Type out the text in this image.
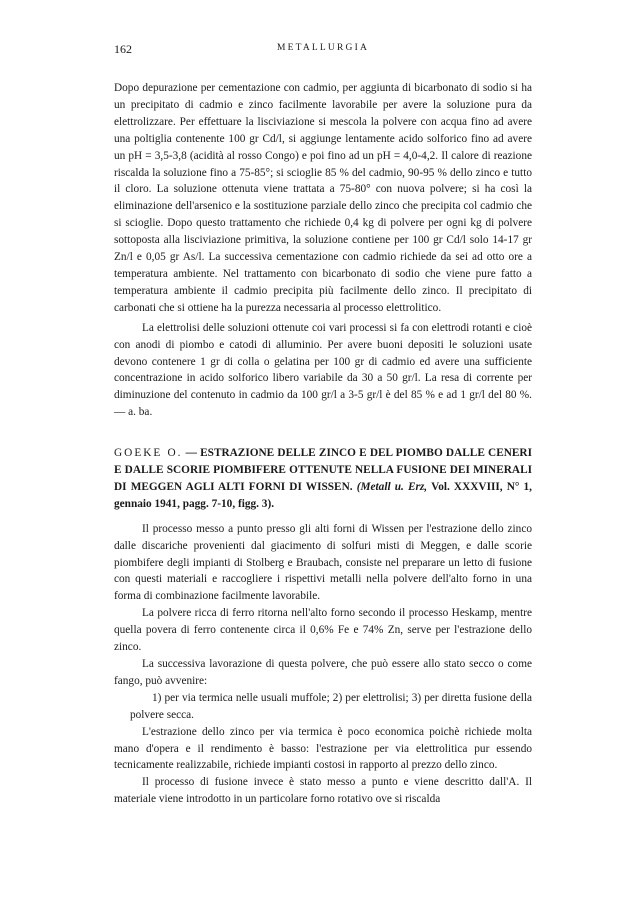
162	METALLURGIA

Dopo depurazione per cementazione con cadmio, per aggiunta di bicarbonato di sodio si ha un precipitato di cadmio e zinco facilmente lavorabile per avere la soluzione pura da elettrolizzare. Per effettuare la lisciviazione si mescola la polvere con acqua fino ad avere una poltiglia contenente 100 gr Cd/l, si aggiunge lentamente acido solforico fino ad avere un pH = 3,5-3,8 (acidità al rosso Congo) e poi fino ad un pH = 4,0-4,2. Il calore di reazione riscalda la soluzione fino a 75-85°; si scioglie 85 % del cadmio, 90-95 % dello zinco e tutto il cloro. La soluzione ottenuta viene trattata a 75-80° con nuova polvere; si ha così la eliminazione dell'arsenico e la sostituzione parziale dello zinco che precipita col cadmio che si scioglie. Dopo questo trattamento che richiede 0,4 kg di polvere per ogni kg di polvere sottoposta alla lisciviazione primitiva, la soluzione contiene per 100 gr Cd/l solo 14-17 gr Zn/l e 0,05 gr As/l. La successiva cementazione con cadmio richiede da sei ad otto ore a temperatura ambiente. Nel trattamento con bicarbonato di sodio che viene pure fatto a temperatura ambiente il cadmio precipita più facilmente dello zinco. Il precipitato di carbonati che si ottiene ha la purezza necessaria al processo elettrolitico.

La elettrolisi delle soluzioni ottenute coi vari processi si fa con elettrodi rotanti e cioè con anodi di piombo e catodi di alluminio. Per avere buoni depositi le soluzioni usate devono contenere 1 gr di colla o gelatina per 100 gr di cadmio ed avere una sufficiente concentrazione in acido solforico libero variabile da 30 a 50 gr/l. La resa di corrente per diminuzione del contenuto in cadmio da 100 gr/l a 3-5 gr/l è del 85 % e ad 1 gr/l del 80 %. — a. ba.

GOEKE O. — ESTRAZIONE DELLE ZINCO E DEL PIOMBO DALLE CENERI E DALLE SCORIE PIOMBIFERE OTTENUTE NELLA FUSIONE DEI MINERALI DI MEGGEN AGLI ALTI FORNI DI WISSEN. (Metall u. Erz, Vol. XXXVIII, N° 1, gennaio 1941, pagg. 7-10, figg. 3).

Il processo messo a punto presso gli alti forni di Wissen per l'estrazione dello zinco dalle discariche provenienti dal giacimento di solfuri misti di Meggen, e dalle scorie piombifere degli impianti di Stolberg e Braubach, consiste nel preparare un letto di fusione con questi materiali e raccogliere i rispettivi metalli nella polvere dell'alto forno in una forma di combinazione facilmente lavorabile.

La polvere ricca di ferro ritorna nell'alto forno secondo il processo Heskamp, mentre quella povera di ferro contenente circa il 0,6% Fe e 74% Zn, serve per l'estrazione dello zinco.

La successiva lavorazione di questa polvere, che può essere allo stato secco o come fango, può avvenire:

1) per via termica nelle usuali muffole; 2) per elettrolisi; 3) per diretta fusione della polvere secca.

L'estrazione dello zinco per via termica è poco economica poichè richiede molta mano d'opera e il rendimento è basso: l'estrazione per via elettrolitica pur essendo tecnicamente realizzabile, richiede impianti costosi in rapporto al prezzo dello zinco.

Il processo di fusione invece è stato messo a punto e viene descritto dall'A. Il materiale viene introdotto in un particolare forno rotativo ove si riscalda
